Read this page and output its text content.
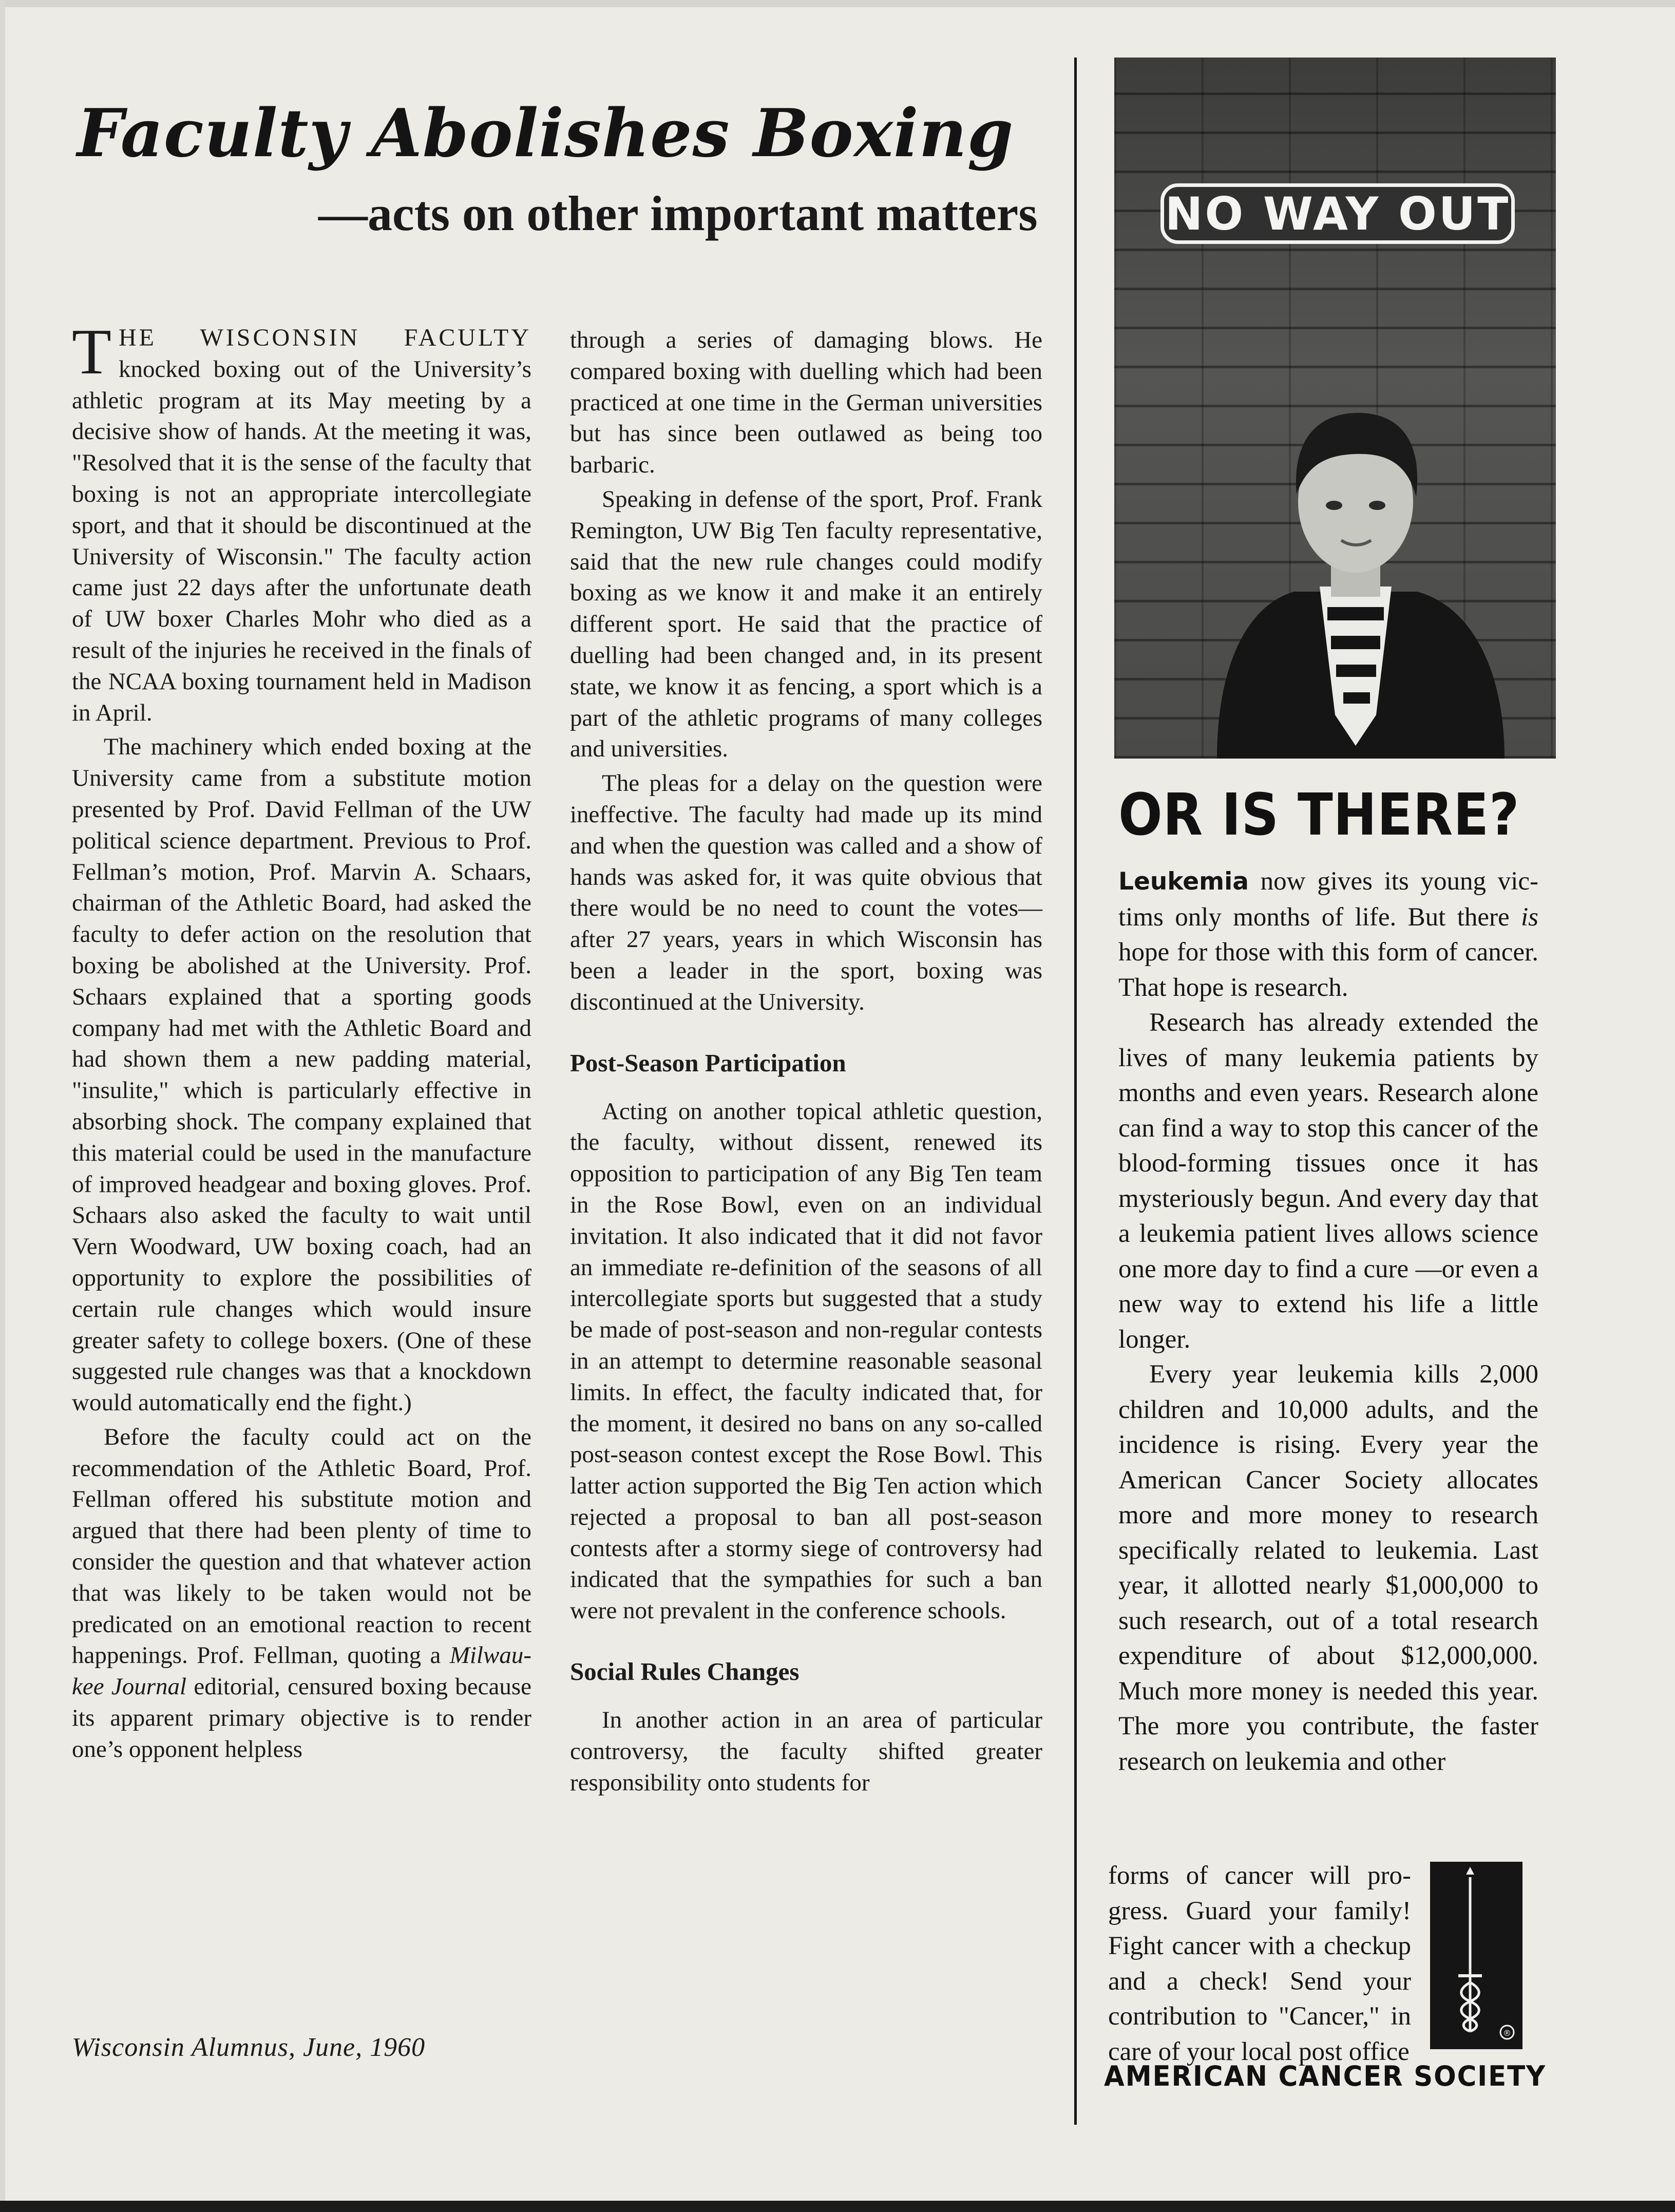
Faculty Abolishes Boxing
—acts on other important matters

THE WISCONSIN FACULTY knocked boxing out of the University’s athletic program at its May meeting by a decisive show of hands. At the meeting it was, "Resolved that it is the sense of the faculty that boxing is not an appropriate intercollegiate sport, and that it should be discontinued at the University of Wisconsin." The faculty action came just 22 days after the unfortunate death of UW boxer Charles Mohr who died as a result of the injuries he received in the finals of the NCAA boxing tournament held in Madison in April.

The machinery which ended boxing at the University came from a substitute motion presented by Prof. David Fellman of the UW political science department. Previous to Prof. Fellman’s motion, Prof. Marvin A. Schaars, chairman of the Athletic Board, had asked the faculty to defer action on the resolution that boxing be abolished at the University. Prof. Schaars explained that a sporting goods company had met with the Athletic Board and had shown them a new padding material, "insulite," which is particularly effective in absorbing shock. The company explained that this material could be used in the manufacture of improved headgear and boxing gloves. Prof. Schaars also asked the faculty to wait until Vern Woodward, UW boxing coach, had an opportunity to explore the possibilities of certain rule changes which would insure greater safety to college boxers. (One of these suggested rule changes was that a knockdown would automatically end the fight.)

Before the faculty could act on the recommendation of the Athletic Board, Prof. Fellman offered his substitute motion and argued that there had been plenty of time to consider the question and that whatever action that was likely to be taken would not be predicated on an emotional reaction to recent happenings. Prof. Fellman, quoting a Milwaukee Journal editorial, censured boxing because its apparent primary objective is to render one’s opponent helpless

through a series of damaging blows. He compared boxing with duelling which had been practiced at one time in the German universities but has since been outlawed as being too barbaric.

Speaking in defense of the sport, Prof. Frank Remington, UW Big Ten faculty representative, said that the new rule changes could modify boxing as we know it and make it an entirely different sport. He said that the practice of duelling had been changed and, in its present state, we know it as fencing, a sport which is a part of the athletic programs of many colleges and universities.

The pleas for a delay on the question were ineffective. The faculty had made up its mind and when the question was called and a show of hands was asked for, it was quite obvious that there would be no need to count the votes— after 27 years, years in which Wisconsin has been a leader in the sport, boxing was discontinued at the University.

Post-Season Participation

Acting on another topical athletic question, the faculty, without dissent, renewed its opposition to participation of any Big Ten team in the Rose Bowl, even on an individual invitation. It also indicated that it did not favor an immediate re-definition of the seasons of all intercollegiate sports but suggested that a study be made of post-season and non-regular contests in an attempt to determine reasonable seasonal limits. In effect, the faculty indicated that, for the moment, it desired no bans on any so-called post-season contest except the Rose Bowl. This latter action supported the Big Ten action which rejected a proposal to ban all post-season contests after a stormy siege of controversy had indicated that the sympathies for such a ban were not prevalent in the conference schools.

Social Rules Changes

In another action in an area of particular controversy, the faculty shifted greater responsibility onto students for

Wisconsin Alumnus, June, 1960

NO WAY OUT
OR IS THERE?

Leukemia now gives its young victims only months of life. But there is hope for those with this form of cancer. That hope is research.

Research has already extended the lives of many leukemia patients by months and even years. Research alone can find a way to stop this cancer of the blood-forming tissues once it has mysteriously begun. And every day that a leukemia patient lives allows science one more day to find a cure —or even a new way to extend his life a little longer.

Every year leukemia kills 2,000 children and 10,000 adults, and the incidence is rising. Every year the American Cancer Society allocates more and more money to research specifically related to leukemia. Last year, it allotted nearly $1,000,000 to such research, out of a total research expenditure of about $12,000,000. Much more money is needed this year. The more you contribute, the faster research on leukemia and other

forms of cancer will progress. Guard your family! Fight cancer with a checkup and a check! Send your contribution to "Cancer," in care of your local post office

®

AMERICAN CANCER SOCIETY
